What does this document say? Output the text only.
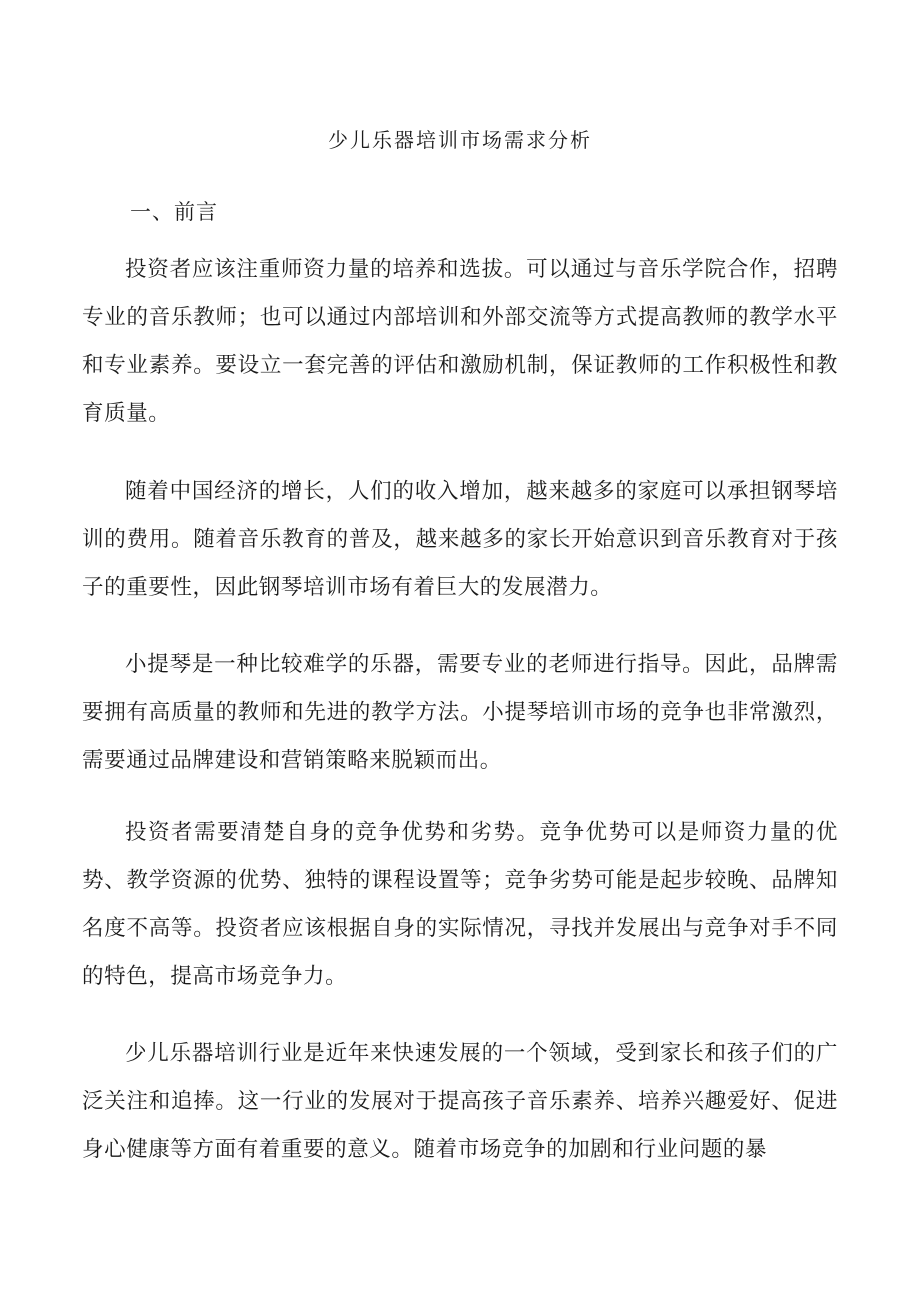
少儿乐器培训市场需求分析
一、前言

投资者应该注重师资力量的培养和选拔。可以通过与音乐学院合作，招聘专业的音乐教师；也可以通过内部培训和外部交流等方式提高教师的教学水平和专业素养。要设立一套完善的评估和激励机制，保证教师的工作积极性和教育质量。

随着中国经济的增长，人们的收入增加，越来越多的家庭可以承担钢琴培训的费用。随着音乐教育的普及，越来越多的家长开始意识到音乐教育对于孩子的重要性，因此钢琴培训市场有着巨大的发展潜力。

小提琴是一种比较难学的乐器，需要专业的老师进行指导。因此，品牌需要拥有高质量的教师和先进的教学方法。小提琴培训市场的竞争也非常激烈，需要通过品牌建设和营销策略来脱颖而出。

投资者需要清楚自身的竞争优势和劣势。竞争优势可以是师资力量的优势、教学资源的优势、独特的课程设置等；竞争劣势可能是起步较晚、品牌知名度不高等。投资者应该根据自身的实际情况，寻找并发展出与竞争对手不同的特色，提高市场竞争力。

少儿乐器培训行业是近年来快速发展的一个领域，受到家长和孩子们的广泛关注和追捧。这一行业的发展对于提高孩子音乐素养、培养兴趣爱好、促进身心健康等方面有着重要的意义。随着市场竞争的加剧和行业问题的暴
